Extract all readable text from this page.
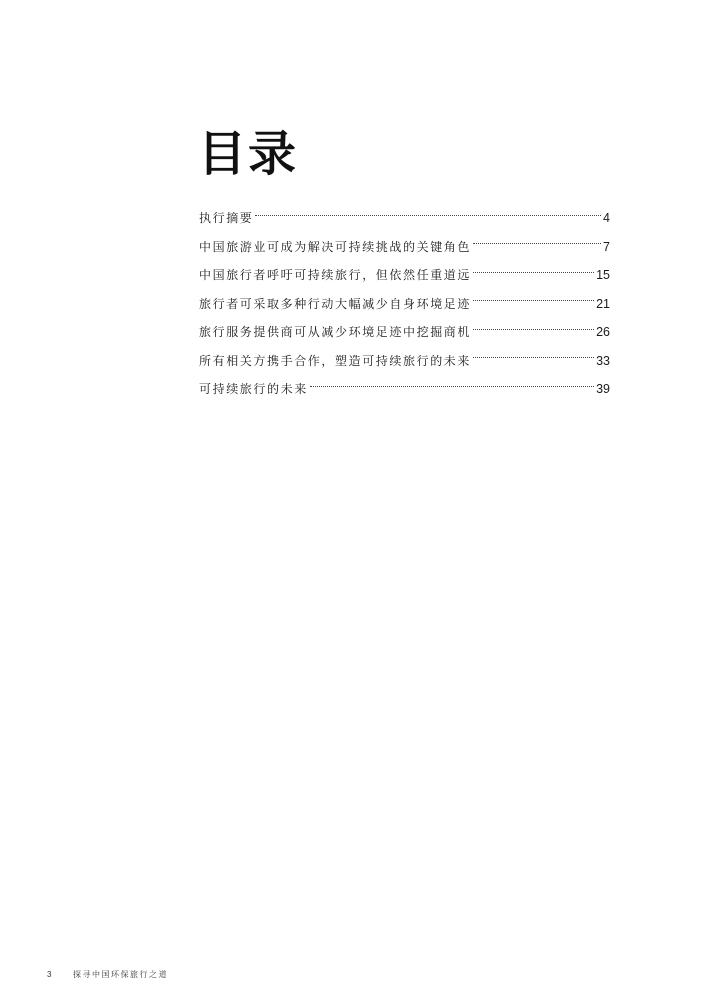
目录
执行摘要	4
中国旅游业可成为解决可持续挑战的关键角色	7
中国旅行者呼吁可持续旅行，但依然任重道远	15
旅行者可采取多种行动大幅减少自身环境足迹	21
旅行服务提供商可从减少环境足迹中挖掘商机	26
所有相关方携手合作，塑造可持续旅行的未来	33
可持续旅行的未来	39
3	探寻中国环保旅行之道
